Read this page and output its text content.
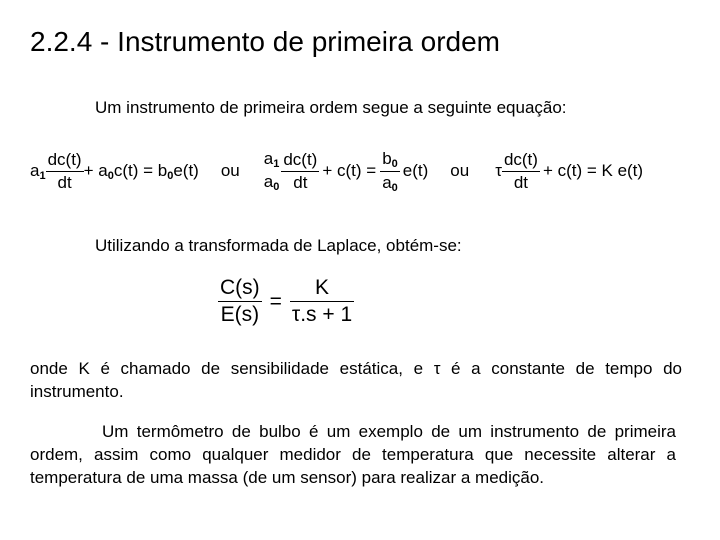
2.2.4 - Instrumento de primeira ordem
Um instrumento de primeira ordem segue a seguinte equação:
$a_1 \frac{dc(t)}{dt} + a_0c(t) = b_0e(t)$ ou
$a_1$
$a_0 \frac{dc(t)}{dt} + c(t) = \frac{b_0}{a_0} e(t)$ ou τ $\frac{dc(t)}{dt} + c(t) = K$ e(t)
Utilizando a transformada de Laplace, obtém-se:
$\frac{C(s)}{E(s)} = \frac{K}{\tau.s + 1}$
onde K é chamado de sensibilidade estática, e τ é a constante de tempo do instrumento.
Um termômetro de bulbo é um exemplo de um instrumento de primeira ordem, assim como qualquer medidor de temperatura que necessite alterar a temperatura de uma massa (de um sensor) para realizar a medição.
